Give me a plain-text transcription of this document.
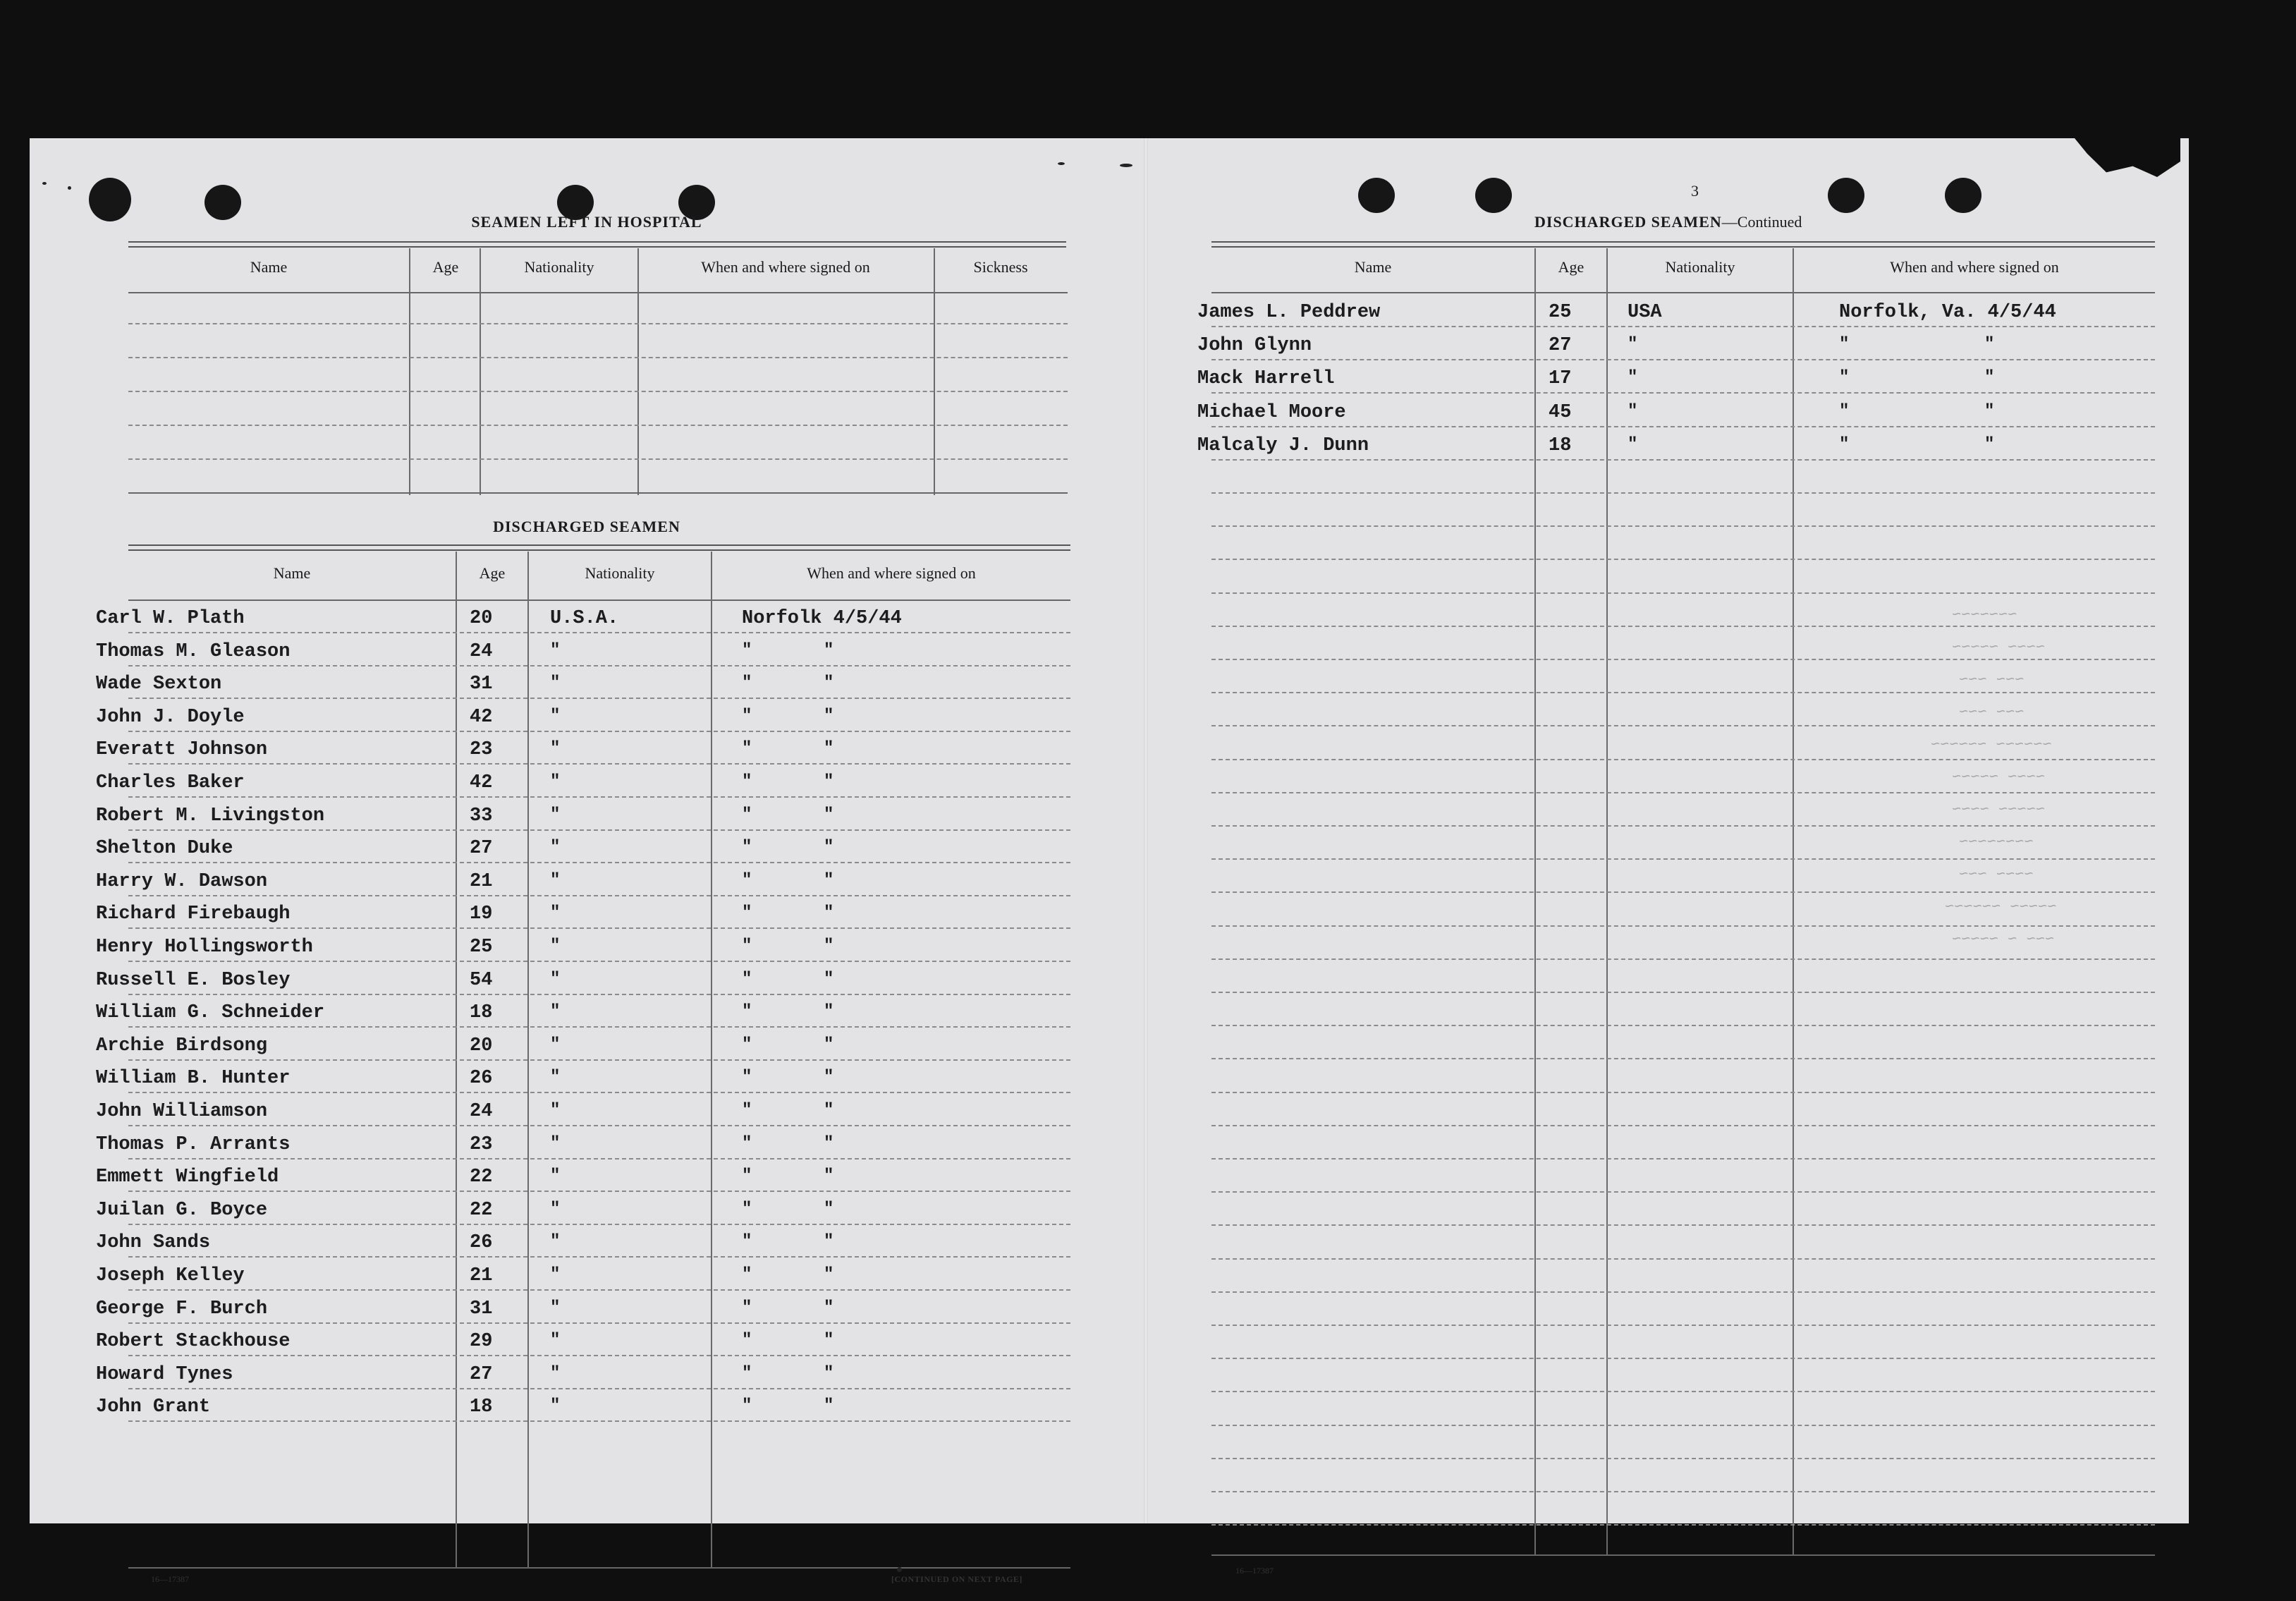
SEAMEN LEFT IN HOSPITAL
Name	Age	Nationality	When and where signed on	Sickness
DISCHARGED SEAMEN
Name	Age	Nationality	When and where signed on
Carl W. Plath	20	U.S.A.	Norfolk 4/5/44
Thomas M. Gleason	24	"	"	"
Wade Sexton	31	"	"	"
John J. Doyle	42	"	"	"
Everatt Johnson	23	"	"	"
Charles Baker	42	"	"	"
Robert M. Livingston	33	"	"	"
Shelton Duke	27	"	"	"
Harry W. Dawson	21	"	"	"
Richard Firebaugh	19	"	"	"
Henry Hollingsworth	25	"	"	"
Russell E. Bosley	54	"	"	"
William G. Schneider	18	"	"	"
Archie Birdsong	20	"	"	"
William B. Hunter	26	"	"	"
John Williamson	24	"	"	"
Thomas P. Arrants	23	"	"	"
Emmett Wingfield	22	"	"	"
Juilan G. Boyce	22	"	"	"
John Sands	26	"	"	"
Joseph Kelley	21	"	"	"
George F. Burch	31	"	"	"
Robert Stackhouse	29	"	"	"
Howard Tynes	27	"	"	"
John Grant	18	"	"	"
16—17387	[CONTINUED ON NEXT PAGE]
3
DISCHARGED SEAMEN—Continued
Name	Age	Nationality	When and where signed on
James L. Peddrew	25	USA	Norfolk, Va. 4/5/44
John Glynn	27	"	"	"
Mack Harrell	17	"	"	"
Michael Moore	45	"	"	"
Malcaly J. Dunn	18	"	"	"
16—17387
~~~~~~~
~~~~ ~~~~~
~~~ ~~~
~~~ ~~~
~~~~~~ ~~~~~~
~~~~ ~~~~~
~~~~~ ~~~~
~~~~~~~~
~~~~ ~~~
~~~~~ ~~~~~~
~~~ ~ ~~~~~
